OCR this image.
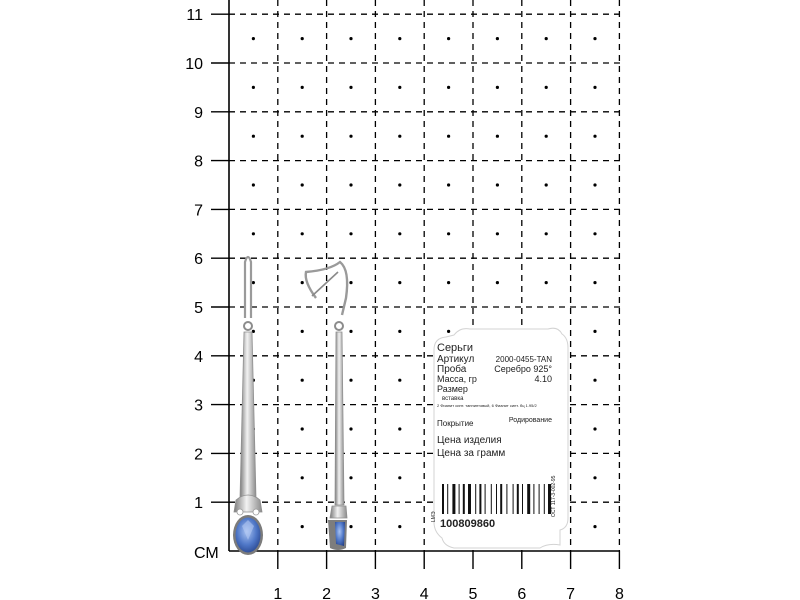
1
2
3
4
5
6
7
8
9
10
11
1 2 3 4 5 6 7 8
СМ
Серьги
Артикул	2000-0455-TAN
Проба	Серебро 925°
Масса, гр	4.10
Размер
вставка
2 Фианит синт. таннинтовый, 6 Фианит синт. бц 1.95/2
Покрытие	Родирование
Цена изделия
Цена за грамм
100809860
ОСТ 117-3-002-95
LMЭ
